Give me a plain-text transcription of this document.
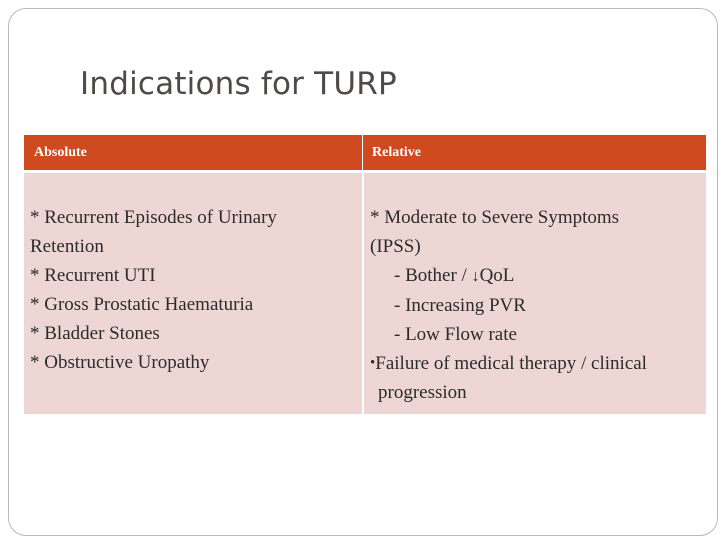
Indications for TURP
Absolute	Relative
* Recurrent Episodes of Urinary
Retention
* Recurrent UTI
* Gross Prostatic Haematuria
* Bladder Stones
* Obstructive Uropathy
* Moderate to Severe Symptoms
(IPSS)
- Bother / ↓QoL
- Increasing PVR
- Low Flow rate
•Failure of medical therapy / clinical
progression
